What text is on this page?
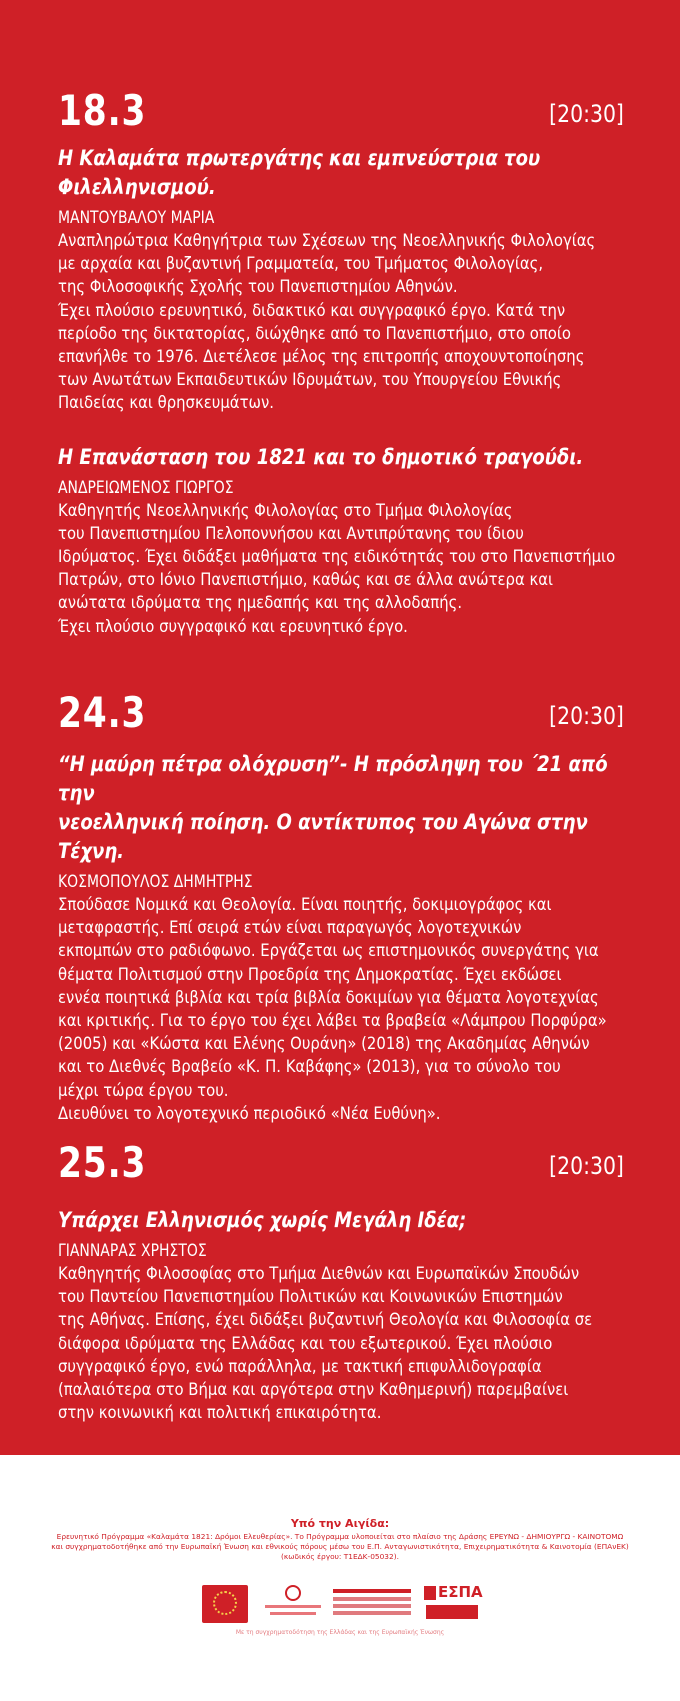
18.3	[20:30]
Η Καλαμάτα πρωτεργάτης και εμπνεύστρια του Φιλελληνισμού.
ΜΑΝΤΟΥΒΑΛΟΥ ΜΑΡΙΑ

Αναπληρώτρια Καθηγήτρια των Σχέσεων της Νεοελληνικής Φιλολογίας

με αρχαία και βυζαντινή Γραμματεία, του Τμήματος Φιλολογίας,

της Φιλοσοφικής Σχολής του Πανεπιστημίου Αθηνών.

Έχει πλούσιο ερευνητικό, διδακτικό και συγγραφικό έργο. Κατά την

περίοδο της δικτατορίας, διώχθηκε από το Πανεπιστήμιο, στο οποίο

επανήλθε το 1976. Διετέλεσε μέλος της επιτροπής αποχουντοποίησης

των Ανωτάτων Εκπαιδευτικών Ιδρυμάτων, του Υπουργείου Εθνικής

Παιδείας και θρησκευμάτων.

Η Επανάσταση του 1821 και το δημοτικό τραγούδι.
ΑΝΔΡΕΙΩΜΕΝΟΣ ΓΙΩΡΓΟΣ

Καθηγητής Νεοελληνικής Φιλολογίας στο Τμήμα Φιλολογίας

του Πανεπιστημίου Πελοποννήσου και Αντιπρύτανης του ίδιου

Ιδρύματος. Έχει διδάξει μαθήματα της ειδικότητάς του στο Πανεπιστήμιο

Πατρών, στο Ιόνιο Πανεπιστήμιο, καθώς και σε άλλα ανώτερα και

ανώτατα ιδρύματα της ημεδαπής και της αλλοδαπής.

Έχει πλούσιο συγγραφικό και ερευνητικό έργο.

24.3	[20:30]
“Η μαύρη πέτρα ολόχρυση”- Η πρόσληψη του ΄21 από την
νεοελληνική ποίηση. Ο αντίκτυπος του Αγώνα στην Τέχνη.
ΚΟΣΜΟΠΟΥΛΟΣ ΔΗΜΗΤΡΗΣ

Σπούδασε Νομικά και Θεολογία. Είναι ποιητής, δοκιμιογράφος και

μεταφραστής. Επί σειρά ετών είναι παραγωγός λογοτεχνικών

εκπομπών στο ραδιόφωνο. Εργάζεται ως επιστημονικός συνεργάτης για

θέματα Πολιτισμού στην Προεδρία της Δημοκρατίας. Έχει εκδώσει

εννέα ποιητικά βιβλία και τρία βιβλία δοκιμίων για θέματα λογοτεχνίας

και κριτικής. Για το έργο του έχει λάβει τα βραβεία «Λάμπρου Πορφύρα»

(2005) και «Κώστα και Ελένης Ουράνη» (2018) της Ακαδημίας Αθηνών

και το Διεθνές Βραβείο «Κ. Π. Καβάφης» (2013), για το σύνολο του

μέχρι τώρα έργου του.

Διευθύνει το λογοτεχνικό περιοδικό «Νέα Ευθύνη».

25.3	[20:30]
Υπάρχει Ελληνισμός χωρίς Μεγάλη Ιδέα;
ΓΙΑΝΝΑΡΑΣ ΧΡΗΣΤΟΣ

Καθηγητής Φιλοσοφίας στο Τμήμα Διεθνών και Ευρωπαϊκών Σπουδών

του Παντείου Πανεπιστημίου Πολιτικών και Κοινωνικών Επιστημών

της Αθήνας. Επίσης, έχει διδάξει βυζαντινή Θεολογία και Φιλοσοφία σε

διάφορα ιδρύματα της Ελλάδας και του εξωτερικού. Έχει πλούσιο

συγγραφικό έργο, ενώ παράλληλα, με τακτική επιφυλλιδογραφία

(παλαιότερα στο Βήμα και αργότερα στην Καθημερινή) παρεμβαίνει

στην κοινωνική και πολιτική επικαιρότητα.

Υπό την Αιγίδα:
Ερευνητικό Πρόγραμμα «Καλαμάτα 1821: Δρόμοι Ελευθερίας». Το Πρόγραμμα υλοποιείται στο πλαίσιο της Δράσης ΕΡΕΥΝΩ - ΔΗΜΙΟΥΡΓΩ - ΚΑΙΝΟΤΟΜΩ
και συγχρηματοδοτήθηκε από την Ευρωπαϊκή Ένωση και εθνικούς πόρους μέσω του Ε.Π. Ανταγωνιστικότητα, Επιχειρηματικότητα & Καινοτομία (ΕΠΑνΕΚ)
(κωδικός έργου: Τ1ΕΔΚ-05032).
ΕΣΠΑ
Με τη συγχρηματοδότηση της Ελλάδας και της Ευρωπαϊκής Ένωσης
